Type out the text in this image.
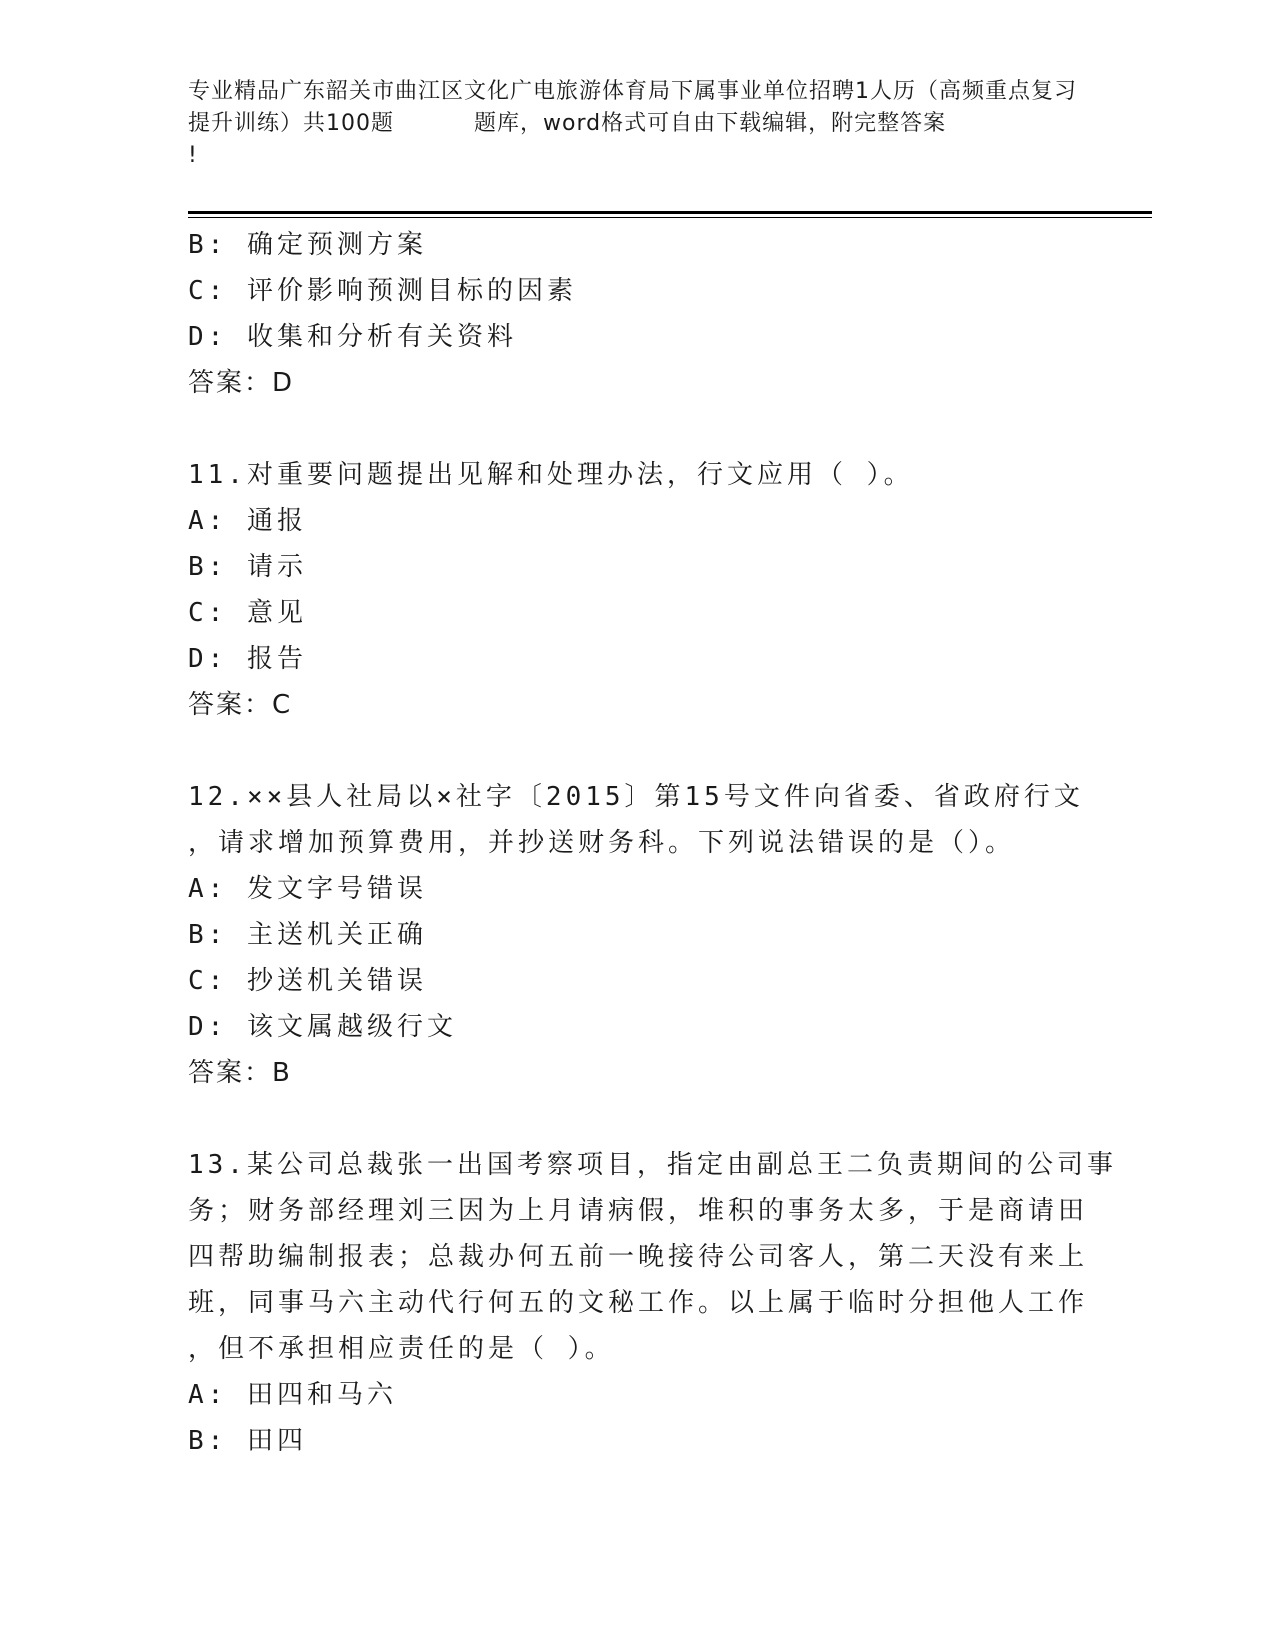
专业精品广东韶关市曲江区文化广电旅游体育局下属事业单位招聘1人历（高频重点复习提升训练）共100题	题库，word格式可自由下载编辑，附完整答案
!
B: 确定预测方案
C: 评价影响预测目标的因素
D: 收集和分析有关资料
答案：D
11.对重要问题提出见解和处理办法，行文应用（ ）。
A: 通报
B: 请示
C: 意见
D: 报告
答案：C
12.××县人社局以×社字〔2015〕第15号文件向省委、省政府行文
，请求增加预算费用，并抄送财务科。下列说法错误的是（）。
A: 发文字号错误
B: 主送机关正确
C: 抄送机关错误
D: 该文属越级行文
答案：B
13.某公司总裁张一出国考察项目，指定由副总王二负责期间的公司事
务；财务部经理刘三因为上月请病假，堆积的事务太多，于是商请田
四帮助编制报表；总裁办何五前一晚接待公司客人，第二天没有来上
班，同事马六主动代行何五的文秘工作。以上属于临时分担他人工作
，但不承担相应责任的是（ ）。
A: 田四和马六
B: 田四
